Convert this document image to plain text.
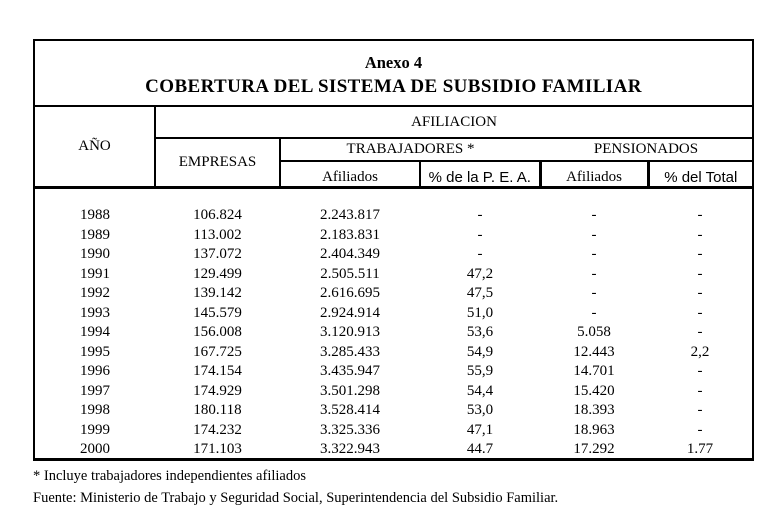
Anexo 4
COBERTURA DEL SISTEMA DE SUBSIDIO FAMILIAR
AÑO	AFILIACION				
	EMPRESAS	TRABAJADORES *		PENSIONADOS	
		Afiliados	% de la P. E. A.	Afiliados	% del Total

1988	106.824	2.243.817	-	-	-
1989	113.002	2.183.831	-	-	-
1990	137.072	2.404.349	-	-	-
1991	129.499	2.505.511	47,2	-	-
1992	139.142	2.616.695	47,5	-	-
1993	145.579	2.924.914	51,0	-	-
1994	156.008	3.120.913	53,6	5.058	-
1995	167.725	3.285.433	54,9	12.443	2,2
1996	174.154	3.435.947	55,9	14.701	-
1997	174.929	3.501.298	54,4	15.420	-
1998	180.118	3.528.414	53,0	18.393	-
1999	174.232	3.325.336	47,1	18.963	-
2000	171.103	3.322.943	44.7	17.292	1.77
* Incluye trabajadores independientes afiliados
Fuente: Ministerio de Trabajo y Seguridad Social, Superintendencia del Subsidio Familiar.
